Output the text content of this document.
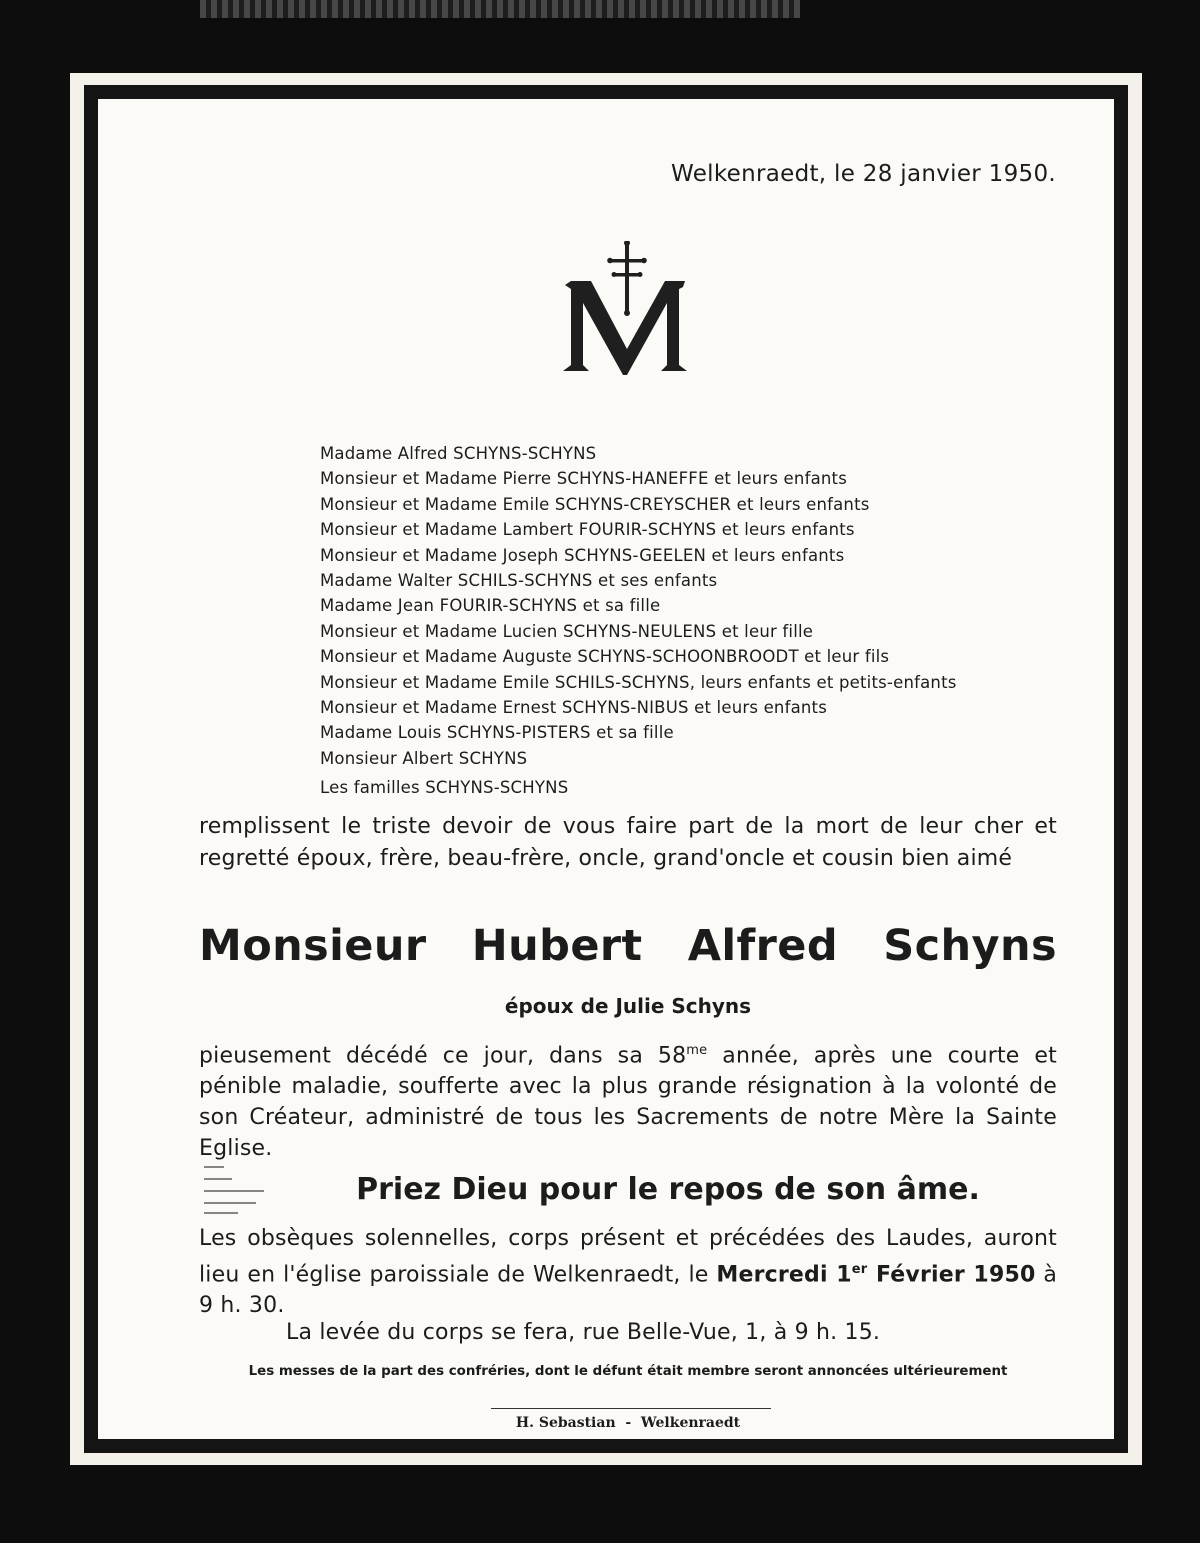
Welkenraedt, le 28 janvier 1950.
Madame Alfred SCHYNS-SCHYNS
Monsieur et Madame Pierre SCHYNS-HANEFFE et leurs enfants
Monsieur et Madame Emile SCHYNS-CREYSCHER et leurs enfants
Monsieur et Madame Lambert FOURIR-SCHYNS et leurs enfants
Monsieur et Madame Joseph SCHYNS-GEELEN et leurs enfants
Madame Walter SCHILS-SCHYNS et ses enfants
Madame Jean FOURIR-SCHYNS et sa fille
Monsieur et Madame Lucien SCHYNS-NEULENS et leur fille
Monsieur et Madame Auguste SCHYNS-SCHOONBROODT et leur fils
Monsieur et Madame Emile SCHILS-SCHYNS, leurs enfants et petits-enfants
Monsieur et Madame Ernest SCHYNS-NIBUS et leurs enfants
Madame Louis SCHYNS-PISTERS et sa fille
Monsieur Albert SCHYNS
Les familles SCHYNS-SCHYNS
remplissent le triste devoir de vous faire part de la mort de leur cher et regretté époux, frère, beau-frère, oncle, grand'oncle et cousin bien aimé
Monsieur Hubert Alfred Schyns
époux de Julie Schyns
pieusement décédé ce jour, dans sa $58^{me}$ année, après une courte et pénible maladie, soufferte avec la plus grande résignation à la volonté de son Créateur, administré de tous les Sacrements de notre Mère la Sainte Eglise.
Priez Dieu pour le repos de son âme.
Les obsèques solennelles, corps présent et précédées des Laudes, auront lieu en l'église paroissiale de Welkenraedt, le Mercredi 1er Février 1950 à 9 h. 30.
La levée du corps se fera, rue Belle-Vue, 1, à 9 h. 15.
Les messes de la part des confréries, dont le défunt était membre seront annoncées ultérieurement
H. Sebastian  -  Welkenraedt
